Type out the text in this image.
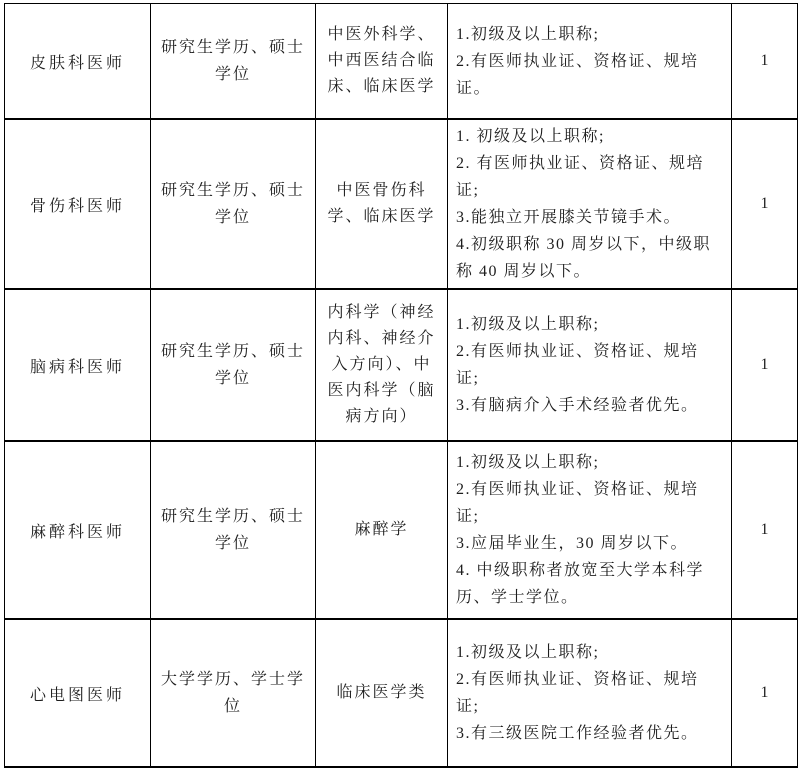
皮肤科医师	研究生学历、硕士学位	中医外科学、中西医结合临床、临床医学	1.初级及以上职称;
2.有医师执业证、资格证、规培证。	1
骨伤科医师	研究生学历、硕士学位	中医骨伤科学、临床医学	1. 初级及以上职称;
2. 有医师执业证、资格证、规培证;
3.能独立开展膝关节镜手术。
4.初级职称 30 周岁以下，中级职称 40 周岁以下。	1
脑病科医师	研究生学历、硕士学位	内科学（神经内科、神经介入方向）、中医内科学（脑病方向）	1.初级及以上职称;
2.有医师执业证、资格证、规培证;
3.有脑病介入手术经验者优先。	1
麻醉科医师	研究生学历、硕士学位	麻醉学	1.初级及以上职称;
2.有医师执业证、资格证、规培证;
3.应届毕业生，30 周岁以下。
4. 中级职称者放宽至大学本科学历、学士学位。	1
心电图医师	大学学历、学士学位	临床医学类	1.初级及以上职称;
2.有医师执业证、资格证、规培证;
3.有三级医院工作经验者优先。	1
